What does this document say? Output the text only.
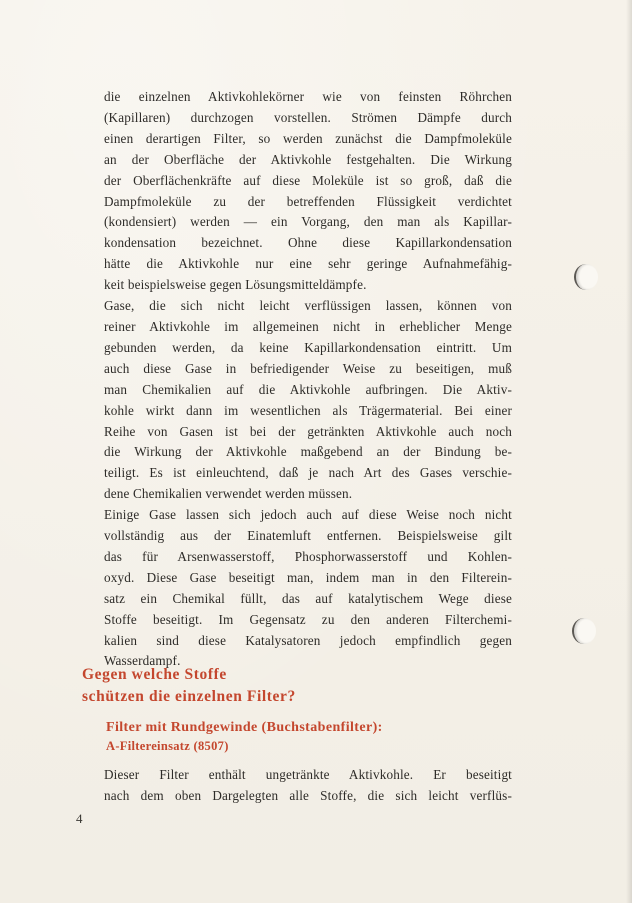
die einzelnen Aktivkohlekörner wie von feinsten Röhrchen
(Kapillaren) durchzogen vorstellen. Strömen Dämpfe durch
einen derartigen Filter, so werden zunächst die Dampfmoleküle
an der Oberfläche der Aktivkohle festgehalten. Die Wirkung
der Oberflächenkräfte auf diese Moleküle ist so groß, daß die
Dampfmoleküle zu der betreffenden Flüssigkeit verdichtet
(kondensiert) werden — ein Vorgang, den man als Kapillar-
kondensation bezeichnet. Ohne diese Kapillarkondensation
hätte die Aktivkohle nur eine sehr geringe Aufnahmefähig-
keit beispielsweise gegen Lösungsmitteldämpfe.
Gase, die sich nicht leicht verflüssigen lassen, können von
reiner Aktivkohle im allgemeinen nicht in erheblicher Menge
gebunden werden, da keine Kapillarkondensation eintritt. Um
auch diese Gase in befriedigender Weise zu beseitigen, muß
man Chemikalien auf die Aktivkohle aufbringen. Die Aktiv-
kohle wirkt dann im wesentlichen als Trägermaterial. Bei einer
Reihe von Gasen ist bei der getränkten Aktivkohle auch noch
die Wirkung der Aktivkohle maßgebend an der Bindung be-
teiligt. Es ist einleuchtend, daß je nach Art des Gases verschie-
dene Chemikalien verwendet werden müssen.
Einige Gase lassen sich jedoch auch auf diese Weise noch nicht
vollständig aus der Einatemluft entfernen. Beispielsweise gilt
das für Arsenwasserstoff, Phosphorwasserstoff und Kohlen-
oxyd. Diese Gase beseitigt man, indem man in den Filterein-
satz ein Chemikal füllt, das auf katalytischem Wege diese
Stoffe beseitigt. Im Gegensatz zu den anderen Filterchemi-
kalien sind diese Katalysatoren jedoch empfindlich gegen
Wasserdampf.
Gegen welche Stoffe
schützen die einzelnen Filter?
Filter mit Rundgewinde (Buchstabenfilter):
A-Filtereinsatz (8507)
Dieser Filter enthält ungetränkte Aktivkohle. Er beseitigt
nach dem oben Dargelegten alle Stoffe, die sich leicht verflüs-
4
